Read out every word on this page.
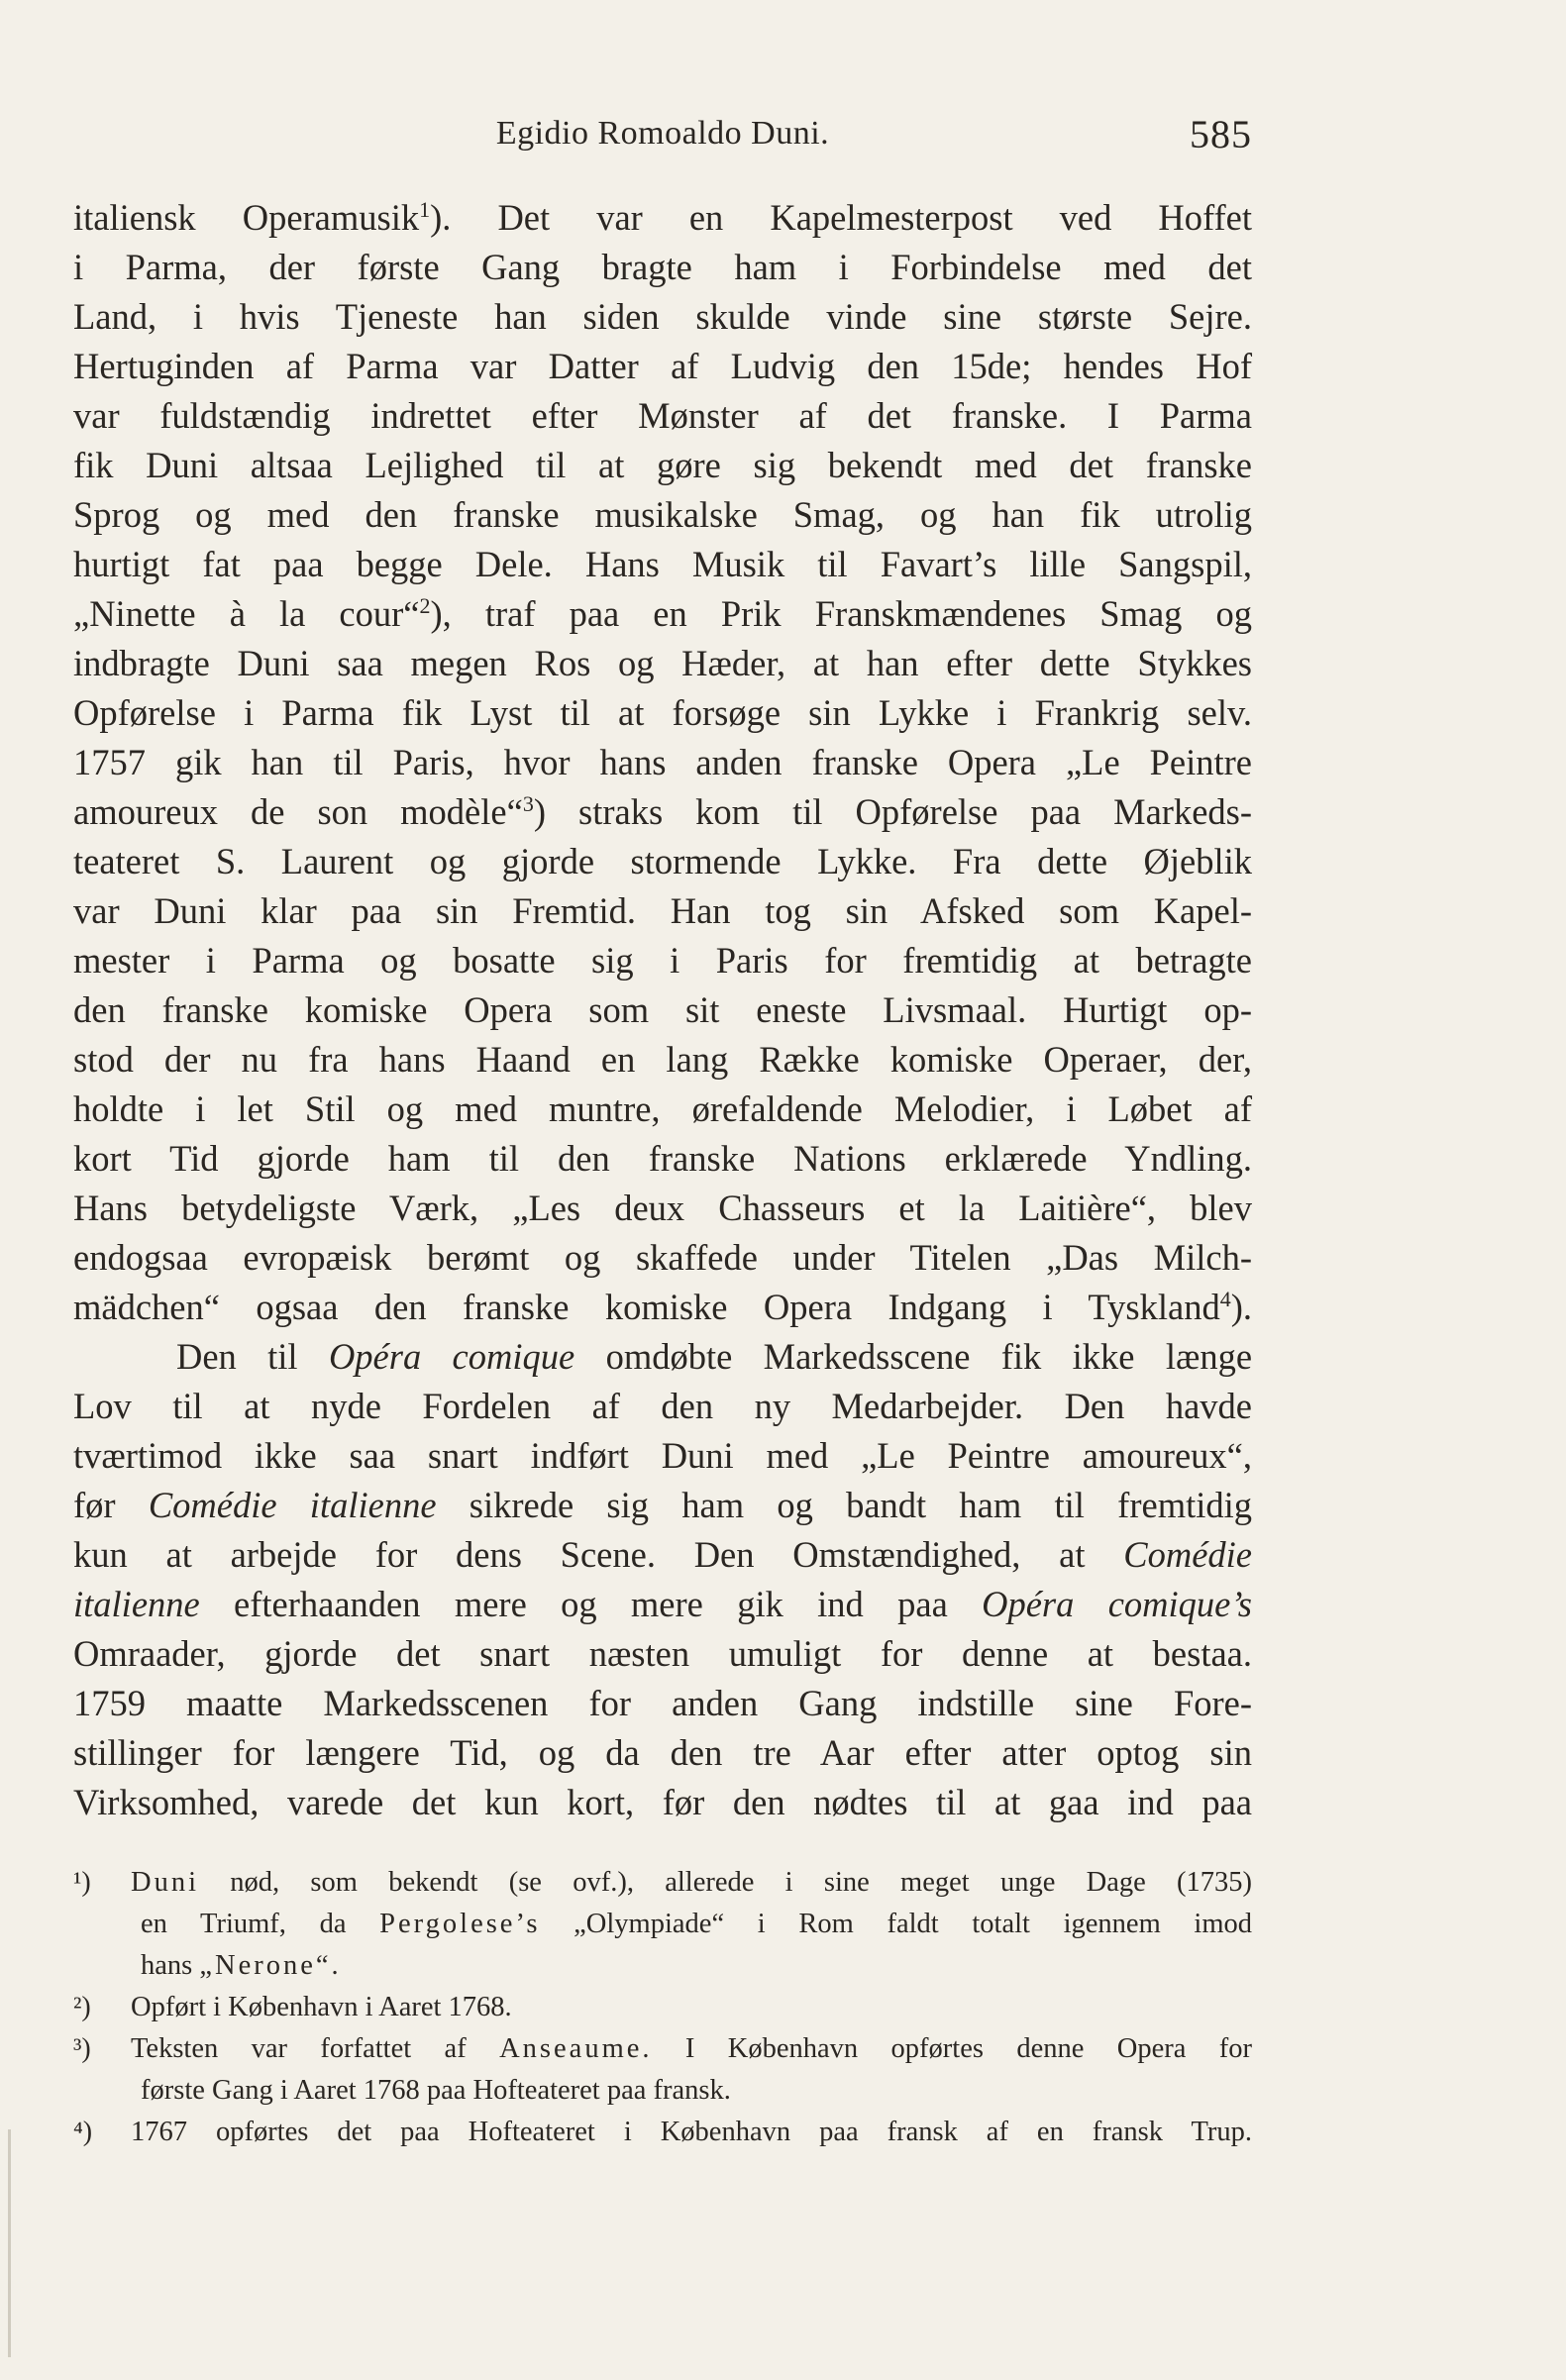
Egidio Romoaldo Duni.	585
italiensk Operamusik$^1$). Det var en Kapelmesterpost ved Hoffet
i Parma, der første Gang bragte ham i Forbindelse med det
Land, i hvis Tjeneste han siden skulde vinde sine største Sejre.
Hertuginden af Parma var Datter af Ludvig den 15de; hendes Hof
var fuldstændig indrettet efter Mønster af det franske. I Parma
fik Duni altsaa Lejlighed til at gøre sig bekendt med det franske
Sprog og med den franske musikalske Smag, og han fik utrolig
hurtigt fat paa begge Dele. Hans Musik til Favart’s lille Sangspil,
„Ninette à la cour“$^2$), traf paa en Prik Franskmændenes Smag og
indbragte Duni saa megen Ros og Hæder, at han efter dette Stykkes
Opførelse i Parma fik Lyst til at forsøge sin Lykke i Frankrig selv.
1757 gik han til Paris, hvor hans anden franske Opera „Le Peintre
amoureux de son modèle“$^3$) straks kom til Opførelse paa Markeds-
teateret S. Laurent og gjorde stormende Lykke. Fra dette Øjeblik
var Duni klar paa sin Fremtid. Han tog sin Afsked som Kapel-
mester i Parma og bosatte sig i Paris for fremtidig at betragte
den franske komiske Opera som sit eneste Livsmaal. Hurtigt op-
stod der nu fra hans Haand en lang Række komiske Operaer, der,
holdte i let Stil og med muntre, ørefaldende Melodier, i Løbet af
kort Tid gjorde ham til den franske Nations erklærede Yndling.
Hans betydeligste Værk, „Les deux Chasseurs et la Laitière“, blev
endogsaa evropæisk berømt og skaffede under Titelen „Das Milch-
mädchen“ ogsaa den franske komiske Opera Indgang i Tyskland$^4$).
Den til Opéra comique omdøbte Markedsscene fik ikke længe
Lov til at nyde Fordelen af den ny Medarbejder. Den havde
tværtimod ikke saa snart indført Duni med „Le Peintre amoureux“,
før Comédie italienne sikrede sig ham og bandt ham til fremtidig
kun at arbejde for dens Scene. Den Omstændighed, at Comédie
italienne efterhaanden mere og mere gik ind paa Opéra comique’s
Omraader, gjorde det snart næsten umuligt for denne at bestaa.
1759 maatte Markedsscenen for anden Gang indstille sine Fore-
stillinger for længere Tid, og da den tre Aar efter atter optog sin
Virksomhed, varede det kun kort, før den nødtes til at gaa ind paa
¹) Duni nød, som bekendt (se ovf.), allerede i sine meget unge Dage (1735)
en Triumf, da Pergolese’s „Olympiade“ i Rom faldt totalt igennem imod
hans „Nerone“.
²) Opført i København i Aaret 1768.
³) Teksten var forfattet af Anseaume. I København opførtes denne Opera for
første Gang i Aaret 1768 paa Hofteateret paa fransk.
⁴) 1767 opførtes det paa Hofteateret i København paa fransk af en fransk Trup.
